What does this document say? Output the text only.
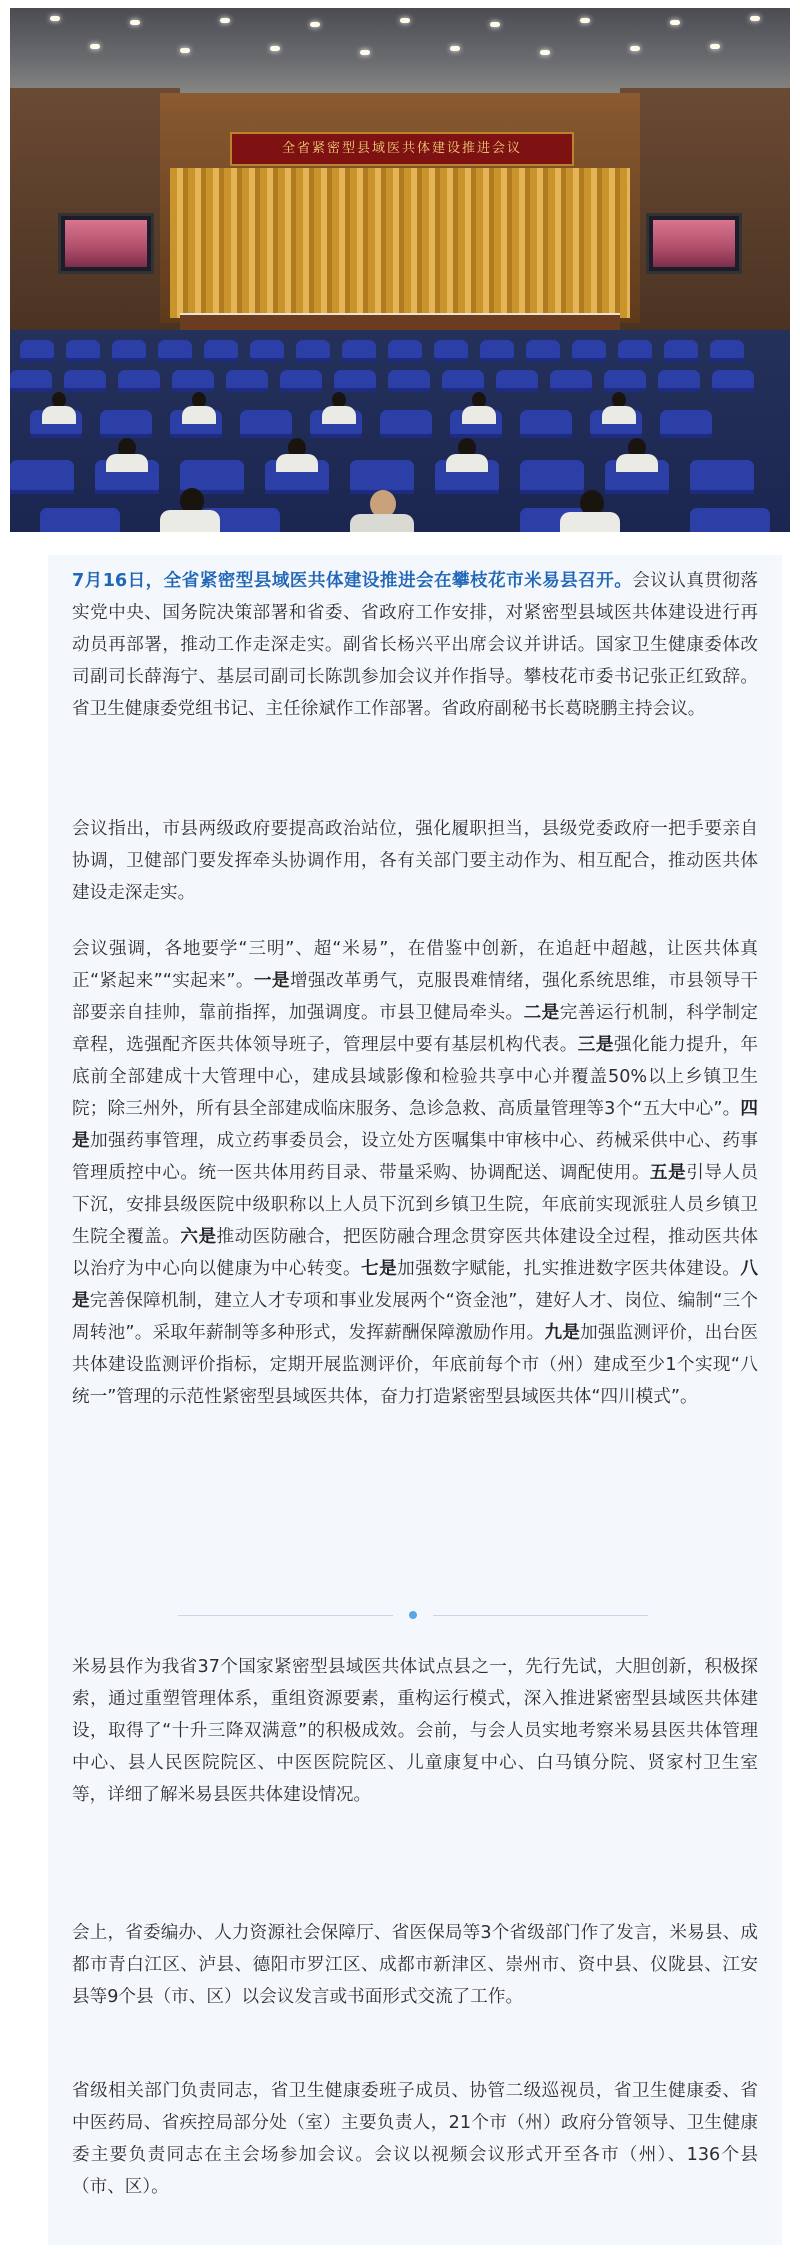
全省紧密型县域医共体建设推进会议

7月16日，全省紧密型县域医共体建设推进会在攀枝花市米易县召开。会议认真贯彻落实党中央、国务院决策部署和省委、省政府工作安排，对紧密型县域医共体建设进行再动员再部署，推动工作走深走实。副省长杨兴平出席会议并讲话。国家卫生健康委体改司副司长薛海宁、基层司副司长陈凯参加会议并作指导。攀枝花市委书记张正红致辞。省卫生健康委党组书记、主任徐斌作工作部署。省政府副秘书长葛晓鹏主持会议。

会议指出，市县两级政府要提高政治站位，强化履职担当，县级党委政府一把手要亲自协调，卫健部门要发挥牵头协调作用，各有关部门要主动作为、相互配合，推动医共体建设走深走实。

会议强调，各地要学“三明”、超“米易”，在借鉴中创新，在追赶中超越，让医共体真正“紧起来”“实起来”。一是增强改革勇气，克服畏难情绪，强化系统思维，市县领导干部要亲自挂帅，靠前指挥，加强调度。市县卫健局牵头。二是完善运行机制，科学制定章程，选强配齐医共体领导班子，管理层中要有基层机构代表。三是强化能力提升，年底前全部建成十大管理中心，建成县域影像和检验共享中心并覆盖50%以上乡镇卫生院；除三州外，所有县全部建成临床服务、急诊急救、高质量管理等3个“五大中心”。四是加强药事管理，成立药事委员会，设立处方医嘱集中审核中心、药械采供中心、药事管理质控中心。统一医共体用药目录、带量采购、协调配送、调配使用。五是引导人员下沉，安排县级医院中级职称以上人员下沉到乡镇卫生院，年底前实现派驻人员乡镇卫生院全覆盖。六是推动医防融合，把医防融合理念贯穿医共体建设全过程，推动医共体以治疗为中心向以健康为中心转变。七是加强数字赋能，扎实推进数字医共体建设。八是完善保障机制，建立人才专项和事业发展两个“资金池”，建好人才、岗位、编制“三个周转池”。采取年薪制等多种形式，发挥薪酬保障激励作用。九是加强监测评价，出台医共体建设监测评价指标，定期开展监测评价，年底前每个市（州）建成至少1个实现“八统一”管理的示范性紧密型县域医共体，奋力打造紧密型县域医共体“四川模式”。

米易县作为我省37个国家紧密型县域医共体试点县之一，先行先试，大胆创新，积极探索，通过重塑管理体系，重组资源要素，重构运行模式，深入推进紧密型县域医共体建设，取得了“十升三降双满意”的积极成效。会前，与会人员实地考察米易县医共体管理中心、县人民医院院区、中医医院院区、儿童康复中心、白马镇分院、贤家村卫生室等，详细了解米易县医共体建设情况。

会上，省委编办、人力资源社会保障厅、省医保局等3个省级部门作了发言，米易县、成都市青白江区、泸县、德阳市罗江区、成都市新津区、崇州市、资中县、仪陇县、江安县等9个县（市、区）以会议发言或书面形式交流了工作。

省级相关部门负责同志，省卫生健康委班子成员、协管二级巡视员，省卫生健康委、省中医药局、省疾控局部分处（室）主要负责人，21个市（州）政府分管领导、卫生健康委主要负责同志在主会场参加会议。会议以视频会议形式开至各市（州）、136个县（市、区）。
